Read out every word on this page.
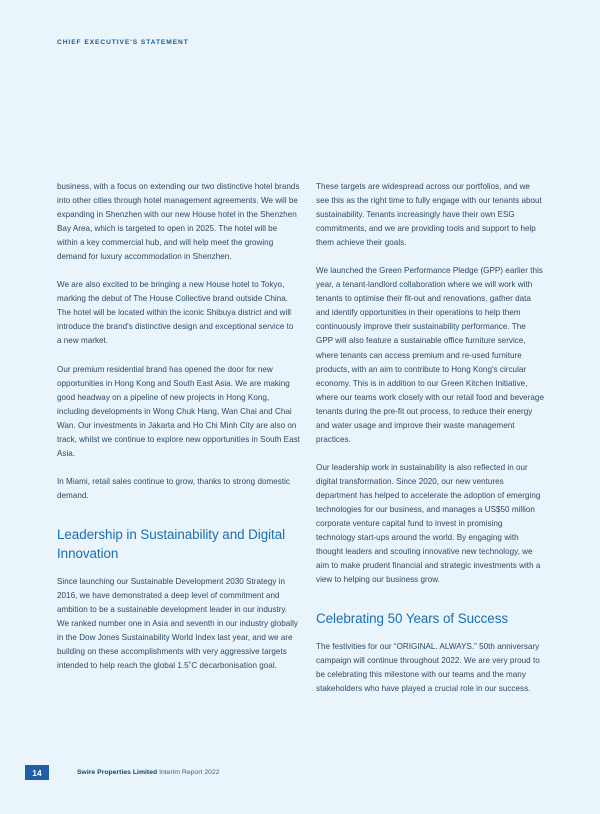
CHIEF EXECUTIVE'S STATEMENT

business, with a focus on extending our two distinctive hotel brands into other cities through hotel management agreements. We will be expanding in Shenzhen with our new House hotel in the Shenzhen Bay Area, which is targeted to open in 2025. The hotel will be within a key commercial hub, and will help meet the growing demand for luxury accommodation in Shenzhen.

We are also excited to be bringing a new House hotel to Tokyo, marking the debut of The House Collective brand outside China. The hotel will be located within the iconic Shibuya district and will introduce the brand's distinctive design and exceptional service to a new market.

Our premium residential brand has opened the door for new opportunities in Hong Kong and South East Asia. We are making good headway on a pipeline of new projects in Hong Kong, including developments in Wong Chuk Hang, Wan Chai and Chai Wan. Our investments in Jakarta and Ho Chi Minh City are also on track, whilst we continue to explore new opportunities in South East Asia.

In Miami, retail sales continue to grow, thanks to strong domestic demand.

Leadership in Sustainability and Digital Innovation

Since launching our Sustainable Development 2030 Strategy in 2016, we have demonstrated a deep level of commitment and ambition to be a sustainable development leader in our industry. We ranked number one in Asia and seventh in our industry globally in the Dow Jones Sustainability World Index last year, and we are building on these accomplishments with very aggressive targets intended to help reach the global 1.5˚C decarbonisation goal.

These targets are widespread across our portfolios, and we see this as the right time to fully engage with our tenants about sustainability. Tenants increasingly have their own ESG commitments, and we are providing tools and support to help them achieve their goals.

We launched the Green Performance Pledge (GPP) earlier this year, a tenant-landlord collaboration where we will work with tenants to optimise their fit-out and renovations, gather data and identify opportunities in their operations to help them continuously improve their sustainability performance. The GPP will also feature a sustainable office furniture service, where tenants can access premium and re-used furniture products, with an aim to contribute to Hong Kong's circular economy. This is in addition to our Green Kitchen Initiative, where our teams work closely with our retail food and beverage tenants during the pre-fit out process, to reduce their energy and water usage and improve their waste management practices.

Our leadership work in sustainability is also reflected in our digital transformation. Since 2020, our new ventures department has helped to accelerate the adoption of emerging technologies for our business, and manages a US$50 million corporate venture capital fund to invest in promising technology start-ups around the world. By engaging with thought leaders and scouting innovative new technology, we aim to make prudent financial and strategic investments with a view to helping our business grow.

Celebrating 50 Years of Success

The festivities for our “ORIGINAL. ALWAYS.” 50th anniversary campaign will continue throughout 2022. We are very proud to be celebrating this milestone with our teams and the many stakeholders who have played a crucial role in our success.

14	Swire Properties Limited Interim Report 2022
